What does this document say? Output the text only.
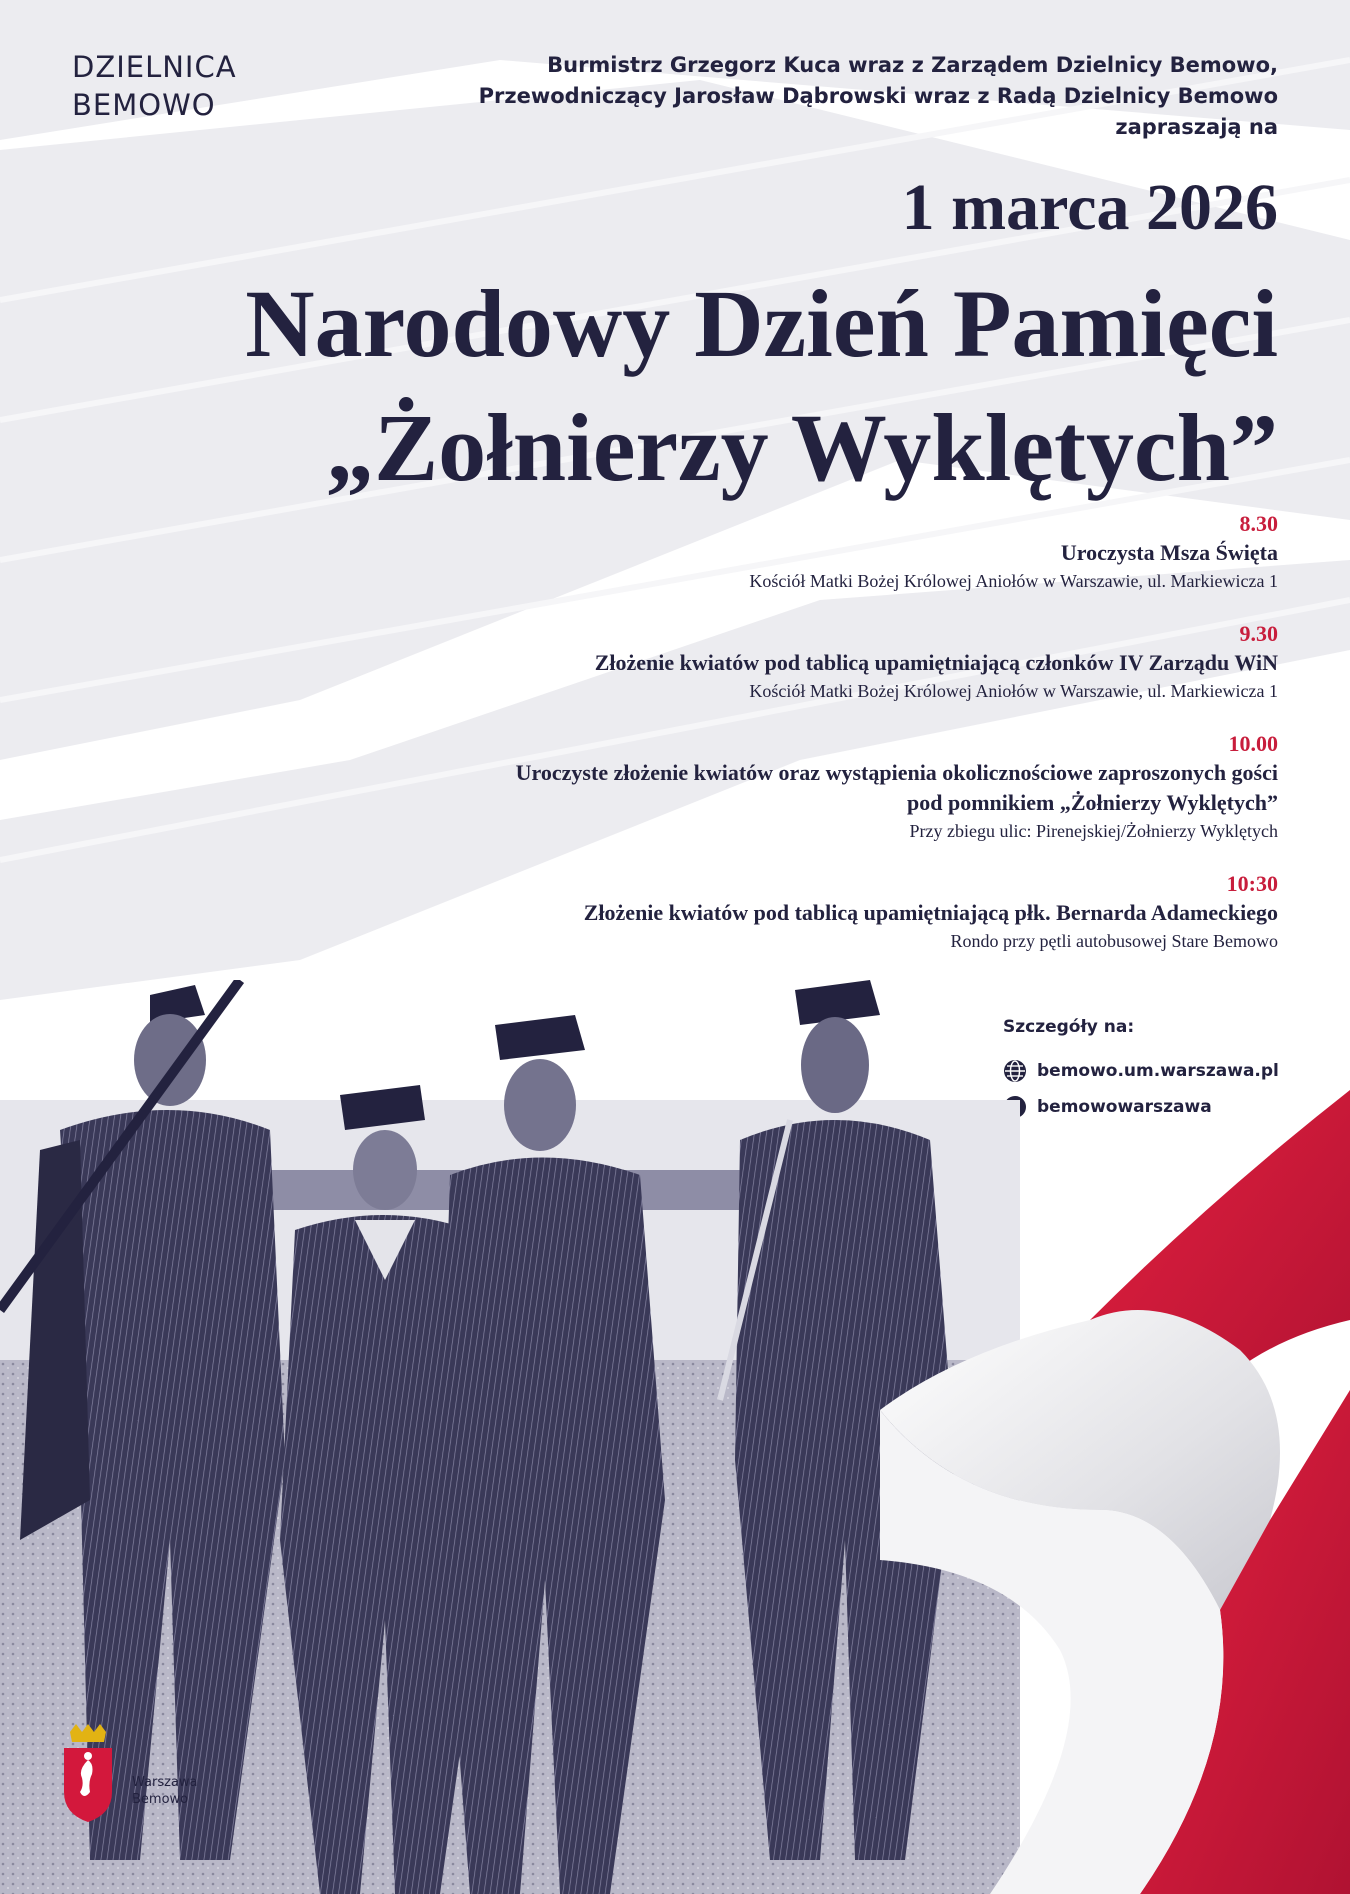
DZIELNICA
BEMOWO
Burmistrz Grzegorz Kuca wraz z Zarządem Dzielnicy Bemowo,
Przewodniczący Jarosław Dąbrowski wraz z Radą Dzielnicy Bemowo
zapraszają na
1 marca 2026
Narodowy Dzień Pamięci
„Żołnierzy Wyklętych”
8.30
Uroczysta Msza Święta
Kościół Matki Bożej Królowej Aniołów w Warszawie, ul. Markiewicza 1
9.30
Złożenie kwiatów pod tablicą upamiętniającą członków IV Zarządu WiN
Kościół Matki Bożej Królowej Aniołów w Warszawie, ul. Markiewicza 1
10.00
Uroczyste złożenie kwiatów oraz wystąpienia okolicznościowe zaproszonych gości
pod pomnikiem „Żołnierzy Wyklętych”
Przy zbiegu ulic: Pirenejskiej/Żołnierzy Wyklętych
10:30
Złożenie kwiatów pod tablicą upamiętniającą płk. Bernarda Adameckiego
Rondo przy pętli autobusowej Stare Bemowo
Szczegóły na:
bemowo.um.warszawa.pl
bemowowarszawa
Warszawa
Bemowo
